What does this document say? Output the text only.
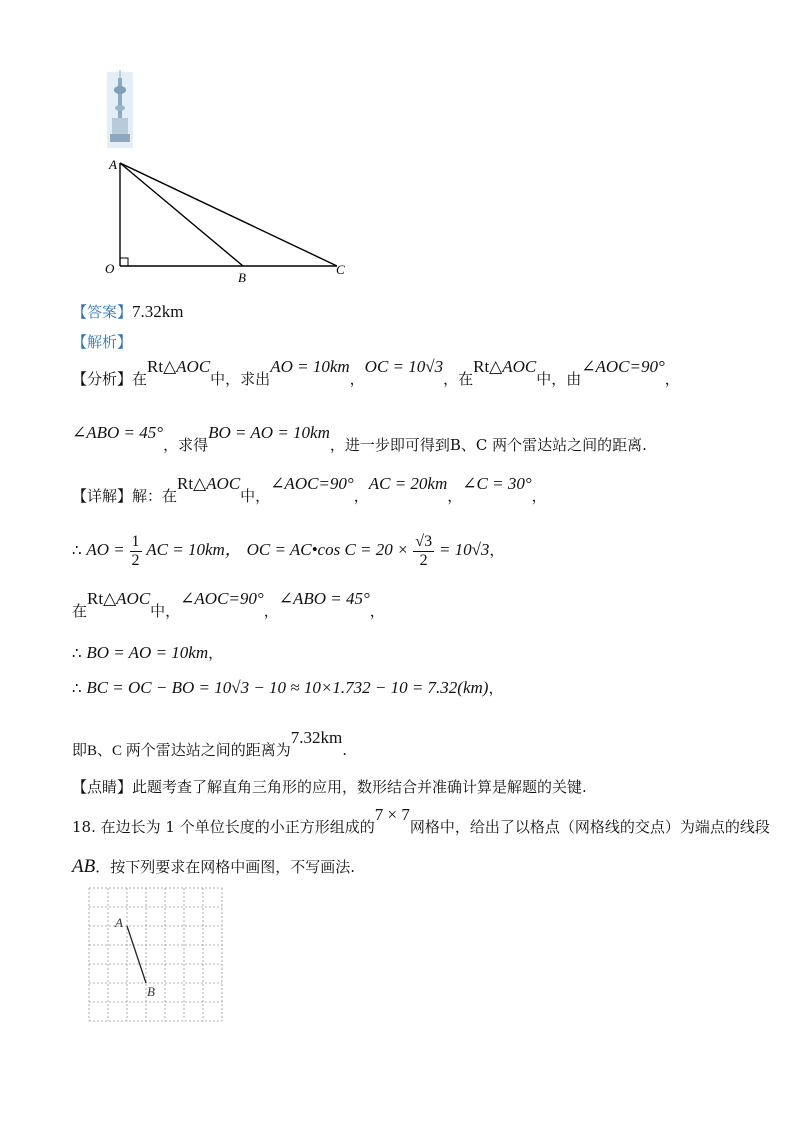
A
O
B
C
【答案】7.32km
【解析】
【分析】在Rt△AOC中，求出AO = 10km，OC = 10√3，在Rt△AOC中，由∠AOC=90°，
∠ABO = 45°，求得BO = AO = 10km，进一步即可得到B、C 两个雷达站之间的距离.
【详解】解：在Rt△AOC中，∠AOC=90°，AC = 20km，∠C = 30°，
∴ AO = $\frac{1}{2}$ AC = 10km， OC = AC•cos $C = 20 \times \frac{√3}{2} = 10√3$，
在Rt△AOC中，∠AOC=90°，∠ABO = 45°，
∴ BO = AO = 10km，
∴ BC = OC − BO = 10√3 − 10 ≈ 10×1.732 − 10 = 7.32(km)，
即B、C 两个雷达站之间的距离为7.32km.
【点睛】此题考查了解直角三角形的应用，数形结合并准确计算是解题的关键.
18. 在边长为 1 个单位长度的小正方形组成的7 × 7网格中，给出了以格点（网格线的交点）为端点的线段
AB．按下列要求在网格中画图，不写画法.
A
B
